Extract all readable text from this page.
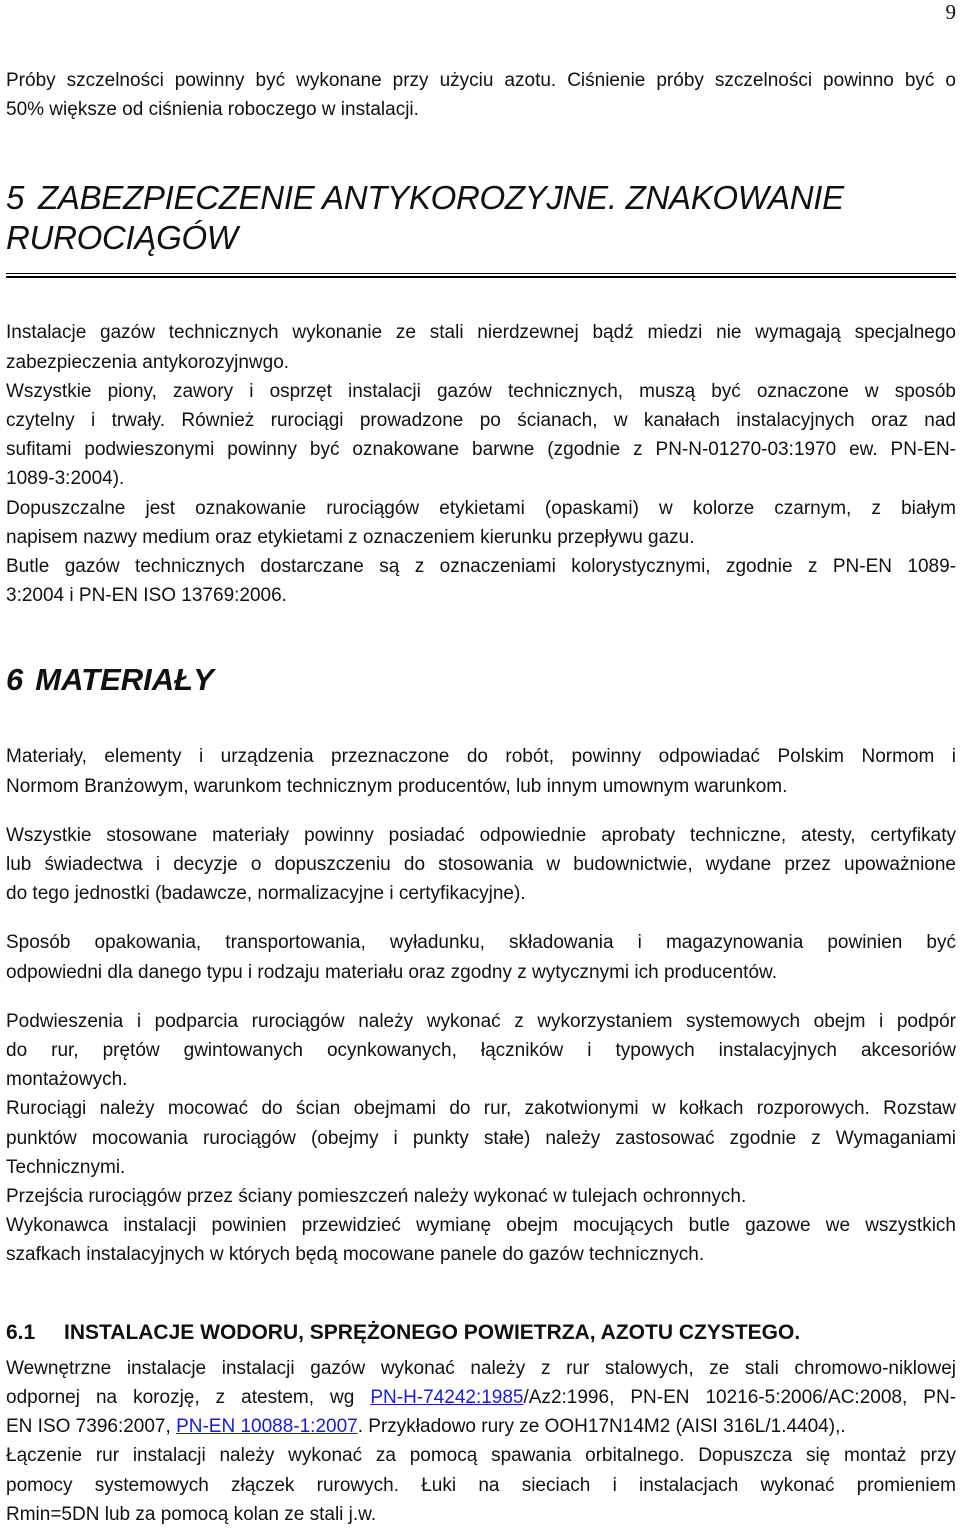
9

Próby szczelności powinny być wykonane przy użyciu azotu. Ciśnienie próby szczelności powinno być o

50% większe od ciśnienia roboczego w instalacji.

5 ZABEZPIECZENIE ANTYKOROZYJNE. ZNAKOWANIE

RUROCIĄGÓW

Instalacje gazów technicznych wykonanie ze stali nierdzewnej bądź miedzi nie wymagają specjalnego

zabezpieczenia antykorozyjnwgo.

Wszystkie piony, zawory i osprzęt instalacji gazów technicznych, muszą być oznaczone w sposób

czytelny i trwały. Również rurociągi prowadzone po ścianach, w kanałach instalacyjnych oraz nad

sufitami podwieszonymi powinny być oznakowane barwne (zgodnie z PN-N-01270-03:1970 ew. PN-EN-

1089-3:2004).

Dopuszczalne jest oznakowanie rurociągów etykietami (opaskami) w kolorze czarnym, z białym

napisem nazwy medium oraz etykietami z oznaczeniem kierunku przepływu gazu.

Butle gazów technicznych dostarczane są z oznaczeniami kolorystycznymi, zgodnie z PN-EN 1089-

3:2004 i PN-EN ISO 13769:2006.

6 MATERIAŁY

Materiały, elementy i urządzenia przeznaczone do robót, powinny odpowiadać Polskim Normom i

Normom Branżowym, warunkom technicznym producentów, lub innym umownym warunkom.

Wszystkie stosowane materiały powinny posiadać odpowiednie aprobaty techniczne, atesty, certyfikaty

lub świadectwa i decyzje o dopuszczeniu do stosowania w budownictwie, wydane przez upoważnione

do tego jednostki (badawcze, normalizacyjne i certyfikacyjne).

Sposób opakowania, transportowania, wyładunku, składowania i magazynowania powinien być

odpowiedni dla danego typu i rodzaju materiału oraz zgodny z wytycznymi ich producentów.

Podwieszenia i podparcia rurociągów należy wykonać z wykorzystaniem systemowych obejm i podpór

do rur, prętów gwintowanych ocynkowanych, łączników i typowych instalacyjnych akcesoriów

montażowych.

Rurociągi należy mocować do ścian obejmami do rur, zakotwionymi w kołkach rozporowych. Rozstaw

punktów mocowania rurociągów (obejmy i punkty stałe) należy zastosować zgodnie z Wymaganiami

Technicznymi.

Przejścia rurociągów przez ściany pomieszczeń należy wykonać w tulejach ochronnych.

Wykonawca instalacji powinien przewidzieć wymianę obejm mocujących butle gazowe we wszystkich

szafkach instalacyjnych w których będą mocowane panele do gazów technicznych.

6.1 INSTALACJE WODORU, SPRĘŻONEGO POWIETRZA, AZOTU CZYSTEGO.

Wewnętrzne instalacje instalacji gazów wykonać należy z rur stalowych, ze stali chromowo-niklowej

odpornej na korozję, z atestem, wg PN-H-74242:1985/Az2:1996, PN-EN 10216-5:2006/AC:2008, PN-

EN ISO 7396:2007, PN-EN 10088-1:2007. Przykładowo rury ze OOH17N14M2 (AISI 316L/1.4404),.

Łączenie rur instalacji należy wykonać za pomocą spawania orbitalnego. Dopuszcza się montaż przy

pomocy systemowych złączek rurowych. Łuki na sieciach i instalacjach wykonać promieniem

Rmin=5DN lub za pomocą kolan ze stali j.w.
